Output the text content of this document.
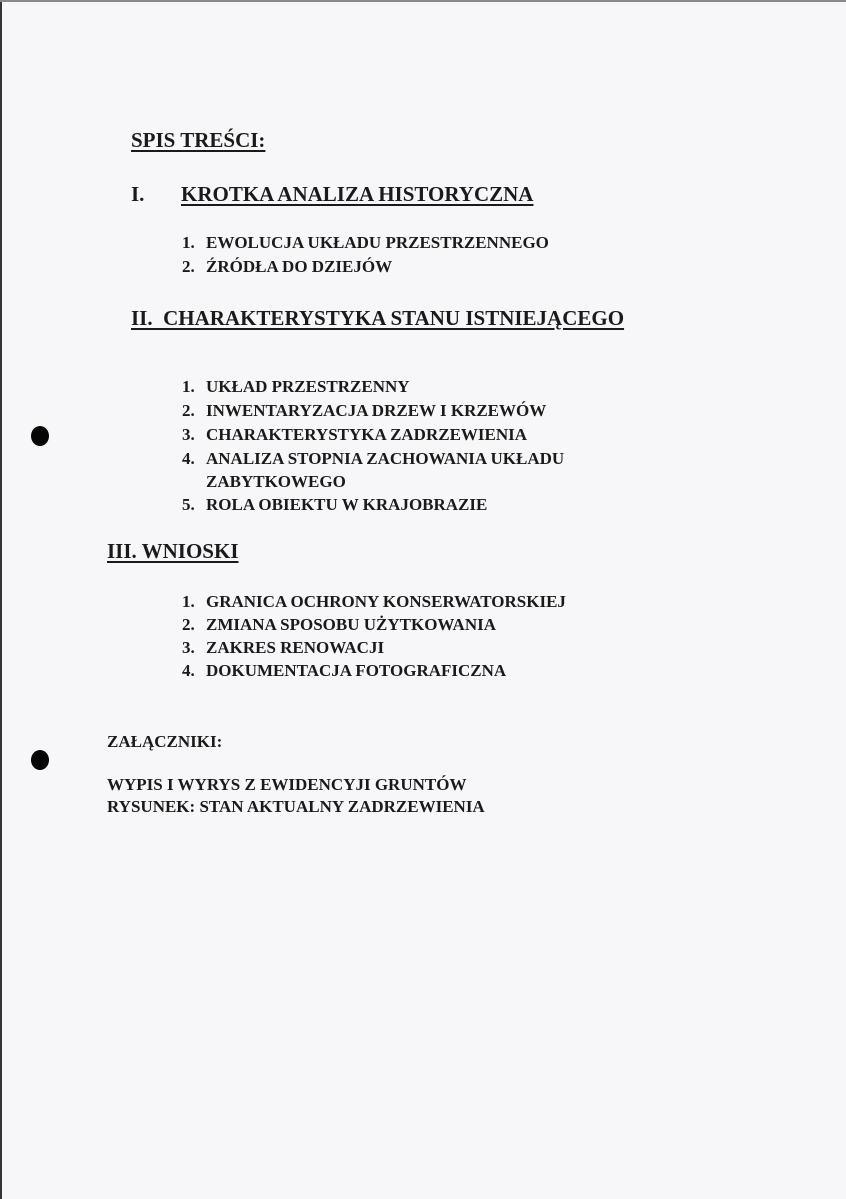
SPIS TREŚCI:
I. KROTKA ANALIZA HISTORYCZNA
1. EWOLUCJA UKŁADU PRZESTRZENNEGO
2. ŹRÓDŁA DO DZIEJÓW
II.  CHARAKTERYSTYKA STANU ISTNIEJĄCEGO
1. UKŁAD PRZESTRZENNY
2. INWENTARYZACJA DRZEW I KRZEWÓW
3. CHARAKTERYSTYKA ZADRZEWIENIA
4. ANALIZA STOPNIA ZACHOWANIA UKŁADU
ZABYTKOWEGO
5. ROLA OBIEKTU W KRAJOBRAZIE
III. WNIOSKI
1. GRANICA OCHRONY KONSERWATORSKIEJ
2. ZMIANA SPOSOBU UŻYTKOWANIA
3. ZAKRES RENOWACJI
4. DOKUMENTACJA FOTOGRAFICZNA
ZAŁĄCZNIKI:
WYPIS I WYRYS Z EWIDENCYJI GRUNTÓW
RYSUNEK: STAN AKTUALNY ZADRZEWIENIA
